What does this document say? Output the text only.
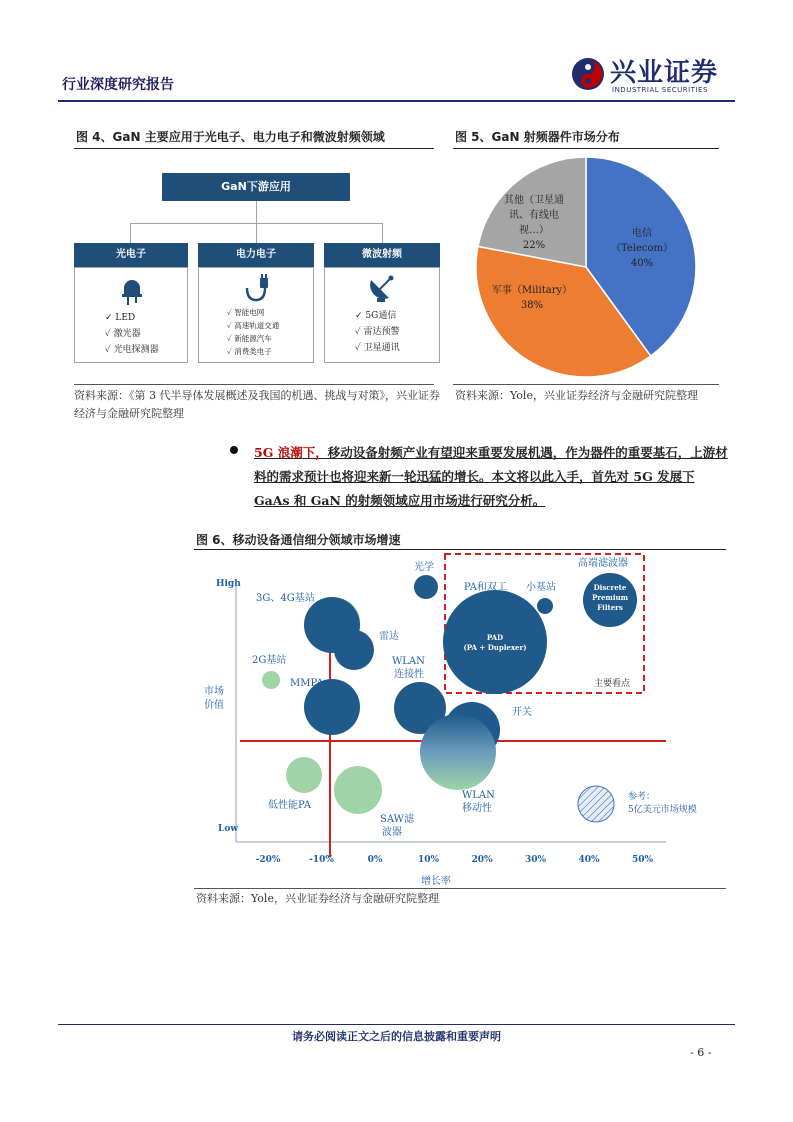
行业深度研究报告	兴业证券
INDUSTRIAL SECURITIES
图 4、GaN 主要应用于光电子、电力电子和微波射频领域	图 5、GaN 射频器件市场分布
GaN下游应用
光电子
✓ LED
✓ 激光器
✓ 光电探测器
电力电子
✓ 智能电网
✓ 高速轨道交通
✓ 新能源汽车
✓ 消费类电子
微波射频
✓ 5G通信
✓ 雷达预警
✓ 卫星通讯
电信
（Telecom）
40%
军事（Military）
38%
其他（卫星通
讯、有线电
视…）
22%
资料来源：《第 3 代半导体发展概述及我国的机遇、挑战与对策》，兴业证券经济与金融研究院整理
资料来源：Yole，兴业证券经济与金融研究院整理
5G 浪潮下，移动设备射频产业有望迎来重要发展机遇，作为器件的重要基石，上游材料的需求预计也将迎来新一轮迅猛的增长。本文将以此入手，首先对 5G 发展下 GaAs 和 GaN 的射频领域应用市场进行研究分析。
图 6、移动设备通信细分领域市场增速
PAD
(PA + Duplexer)
Discrete
Premium
Filters
3G、4G基站
光学
PA和双工 小基站
高端滤波器
雷达
2G基站
MMPA
WLAN
连接性
开关
低性能PA
SAW滤
波器
WLAN
移动性
主要看点
参考：
5亿美元市场规模
High
Low
市场
价值
-20%	-10%	0%	10%	20%	30%	40%	50%
增长率
资料来源：Yole，兴业证券经济与金融研究院整理
请务必阅读正文之后的信息披露和重要声明
- 6 -
